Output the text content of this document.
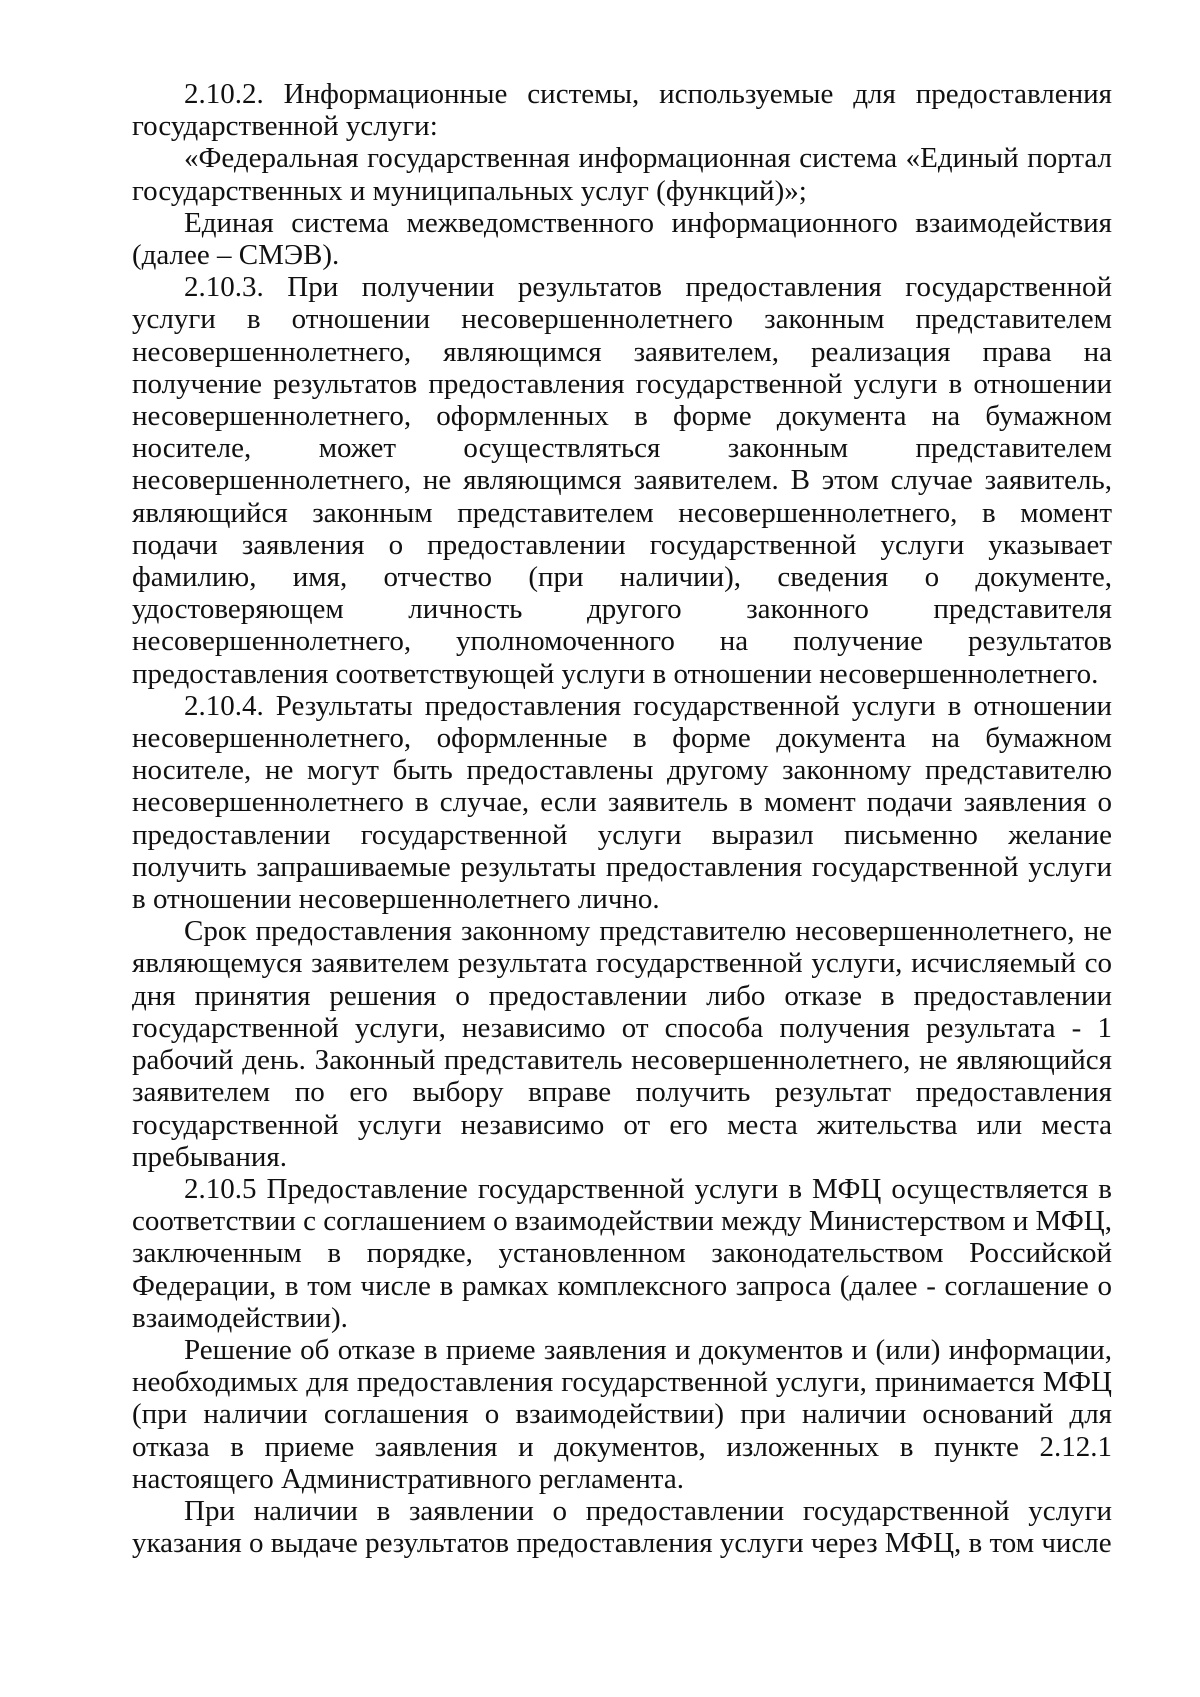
2.10.2. Информационные системы, используемые для предоставления государственной услуги:

«Федеральная государственная информационная система «Единый портал государственных и муниципальных услуг (функций)»;

Единая система межведомственного информационного взаимодействия (далее – СМЭВ).

2.10.3. При получении результатов предоставления государственной услуги в отношении несовершеннолетнего законным представителем несовершеннолетнего, являющимся заявителем, реализация права на получение результатов предоставления государственной услуги в отношении несовершеннолетнего, оформленных в форме документа на бумажном носителе, может осуществляться законным представителем несовершеннолетнего, не являющимся заявителем. В этом случае заявитель, являющийся законным представителем несовершеннолетнего, в момент подачи заявления о предоставлении государственной услуги указывает фамилию, имя, отчество (при наличии), сведения о документе, удостоверяющем личность другого законного представителя несовершеннолетнего, уполномоченного на получение результатов предоставления соответствующей услуги в отношении несовершеннолетнего.

2.10.4. Результаты предоставления государственной услуги в отношении несовершеннолетнего, оформленные в форме документа на бумажном носителе, не могут быть предоставлены другому законному представителю несовершеннолетнего в случае, если заявитель в момент подачи заявления о предоставлении государственной услуги выразил письменно желание получить запрашиваемые результаты предоставления государственной услуги в отношении несовершеннолетнего лично.

Срок предоставления законному представителю несовершеннолетнего, не являющемуся заявителем результата государственной услуги, исчисляемый со дня принятия решения о предоставлении либо отказе в предоставлении государственной услуги, независимо от способа получения результата - 1 рабочий день. Законный представитель несовершеннолетнего, не являющийся заявителем по его выбору вправе получить результат предоставления государственной услуги независимо от его места жительства или места пребывания.

2.10.5 Предоставление государственной услуги в МФЦ осуществляется в соответствии с соглашением о взаимодействии между Министерством и МФЦ, заключенным в порядке, установленном законодательством Российской Федерации, в том числе в рамках комплексного запроса (далее - соглашение о взаимодействии).

Решение об отказе в приеме заявления и документов и (или) информации, необходимых для предоставления государственной услуги, принимается МФЦ (при наличии соглашения о взаимодействии) при наличии оснований для отказа в приеме заявления и документов, изложенных в пункте 2.12.1 настоящего Административного регламента.

При наличии в заявлении о предоставлении государственной услуги указания о выдаче результатов предоставления услуги через МФЦ, в том числе
